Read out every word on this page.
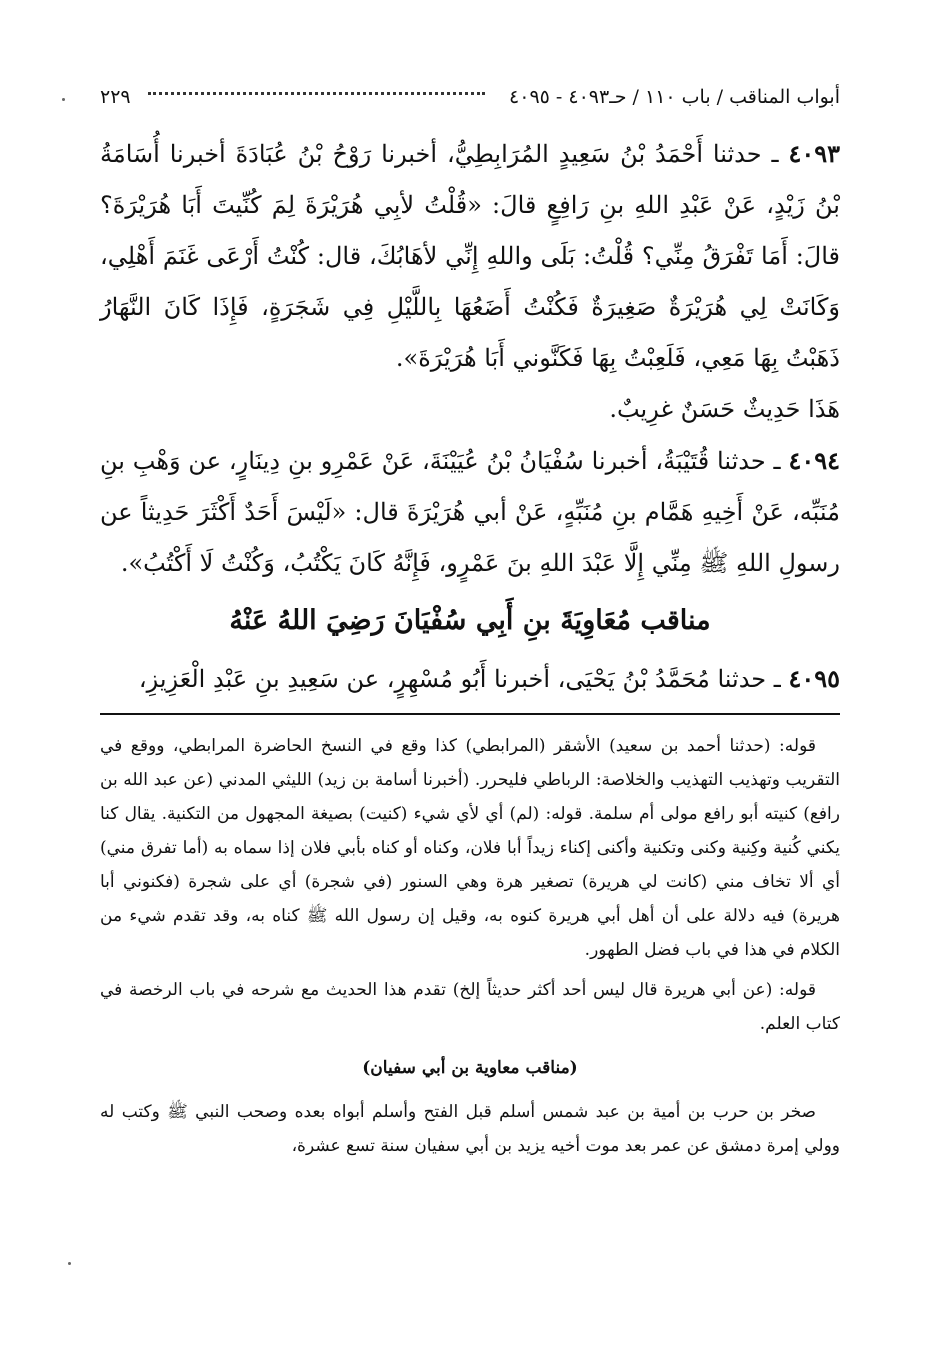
أبواب المناقب / باب ١١٠ / حـ٤٠٩٣ - ٤٠٩٥
٢٢٩

٤٠٩٣ ـ حدثنا أَحْمَدُ بْنُ سَعِيدٍ المُرَابِطِيُّ، أخبرنا رَوْحُ بْنُ عُبَادَةَ أخبرنا أُسَامَةُ بْنُ زَيْدٍ، عَنْ عَبْدِ اللهِ بنِ رَافِعٍ قالَ: «قُلْتُ لأبِي هُرَيْرَةَ لِمَ كُنِّيتَ أَبَا هُرَيْرَةَ؟ قالَ: أَمَا تَفْرَقُ مِنِّي؟ قُلْتُ: بَلَى واللهِ إِنِّي لأهَابُكَ، قال: كُنْتُ أَرْعَى غَنَمَ أَهْلِي، وَكَانَتْ لِي هُرَيْرَةٌ صَغِيرَةٌ فَكُنْتُ أَضَعُهَا بِاللَّيْلِ فِي شَجَرَةٍ، فَإِذَا كَانَ النَّهَارُ ذَهَبْتُ بِهَا مَعِي، فَلَعِبْتُ بِهَا فَكَنَّوني أَبَا هُرَيْرَةَ».

هَذَا حَدِيثٌ حَسَنٌ غرِيبٌ.

٤٠٩٤ ـ حدثنا قُتَيْبَةُ، أخبرنا سُفْيَانُ بْنُ عُيَيْنَةَ، عَنْ عَمْرِو بنِ دِينَارٍ، عن وَهْبِ بنِ مُنَبِّه، عَنْ أَخِيهِ هَمَّام بنِ مُنَبِّهٍ، عَنْ أبي هُرَيْرَةَ قال: «لَيْسَ أَحَدٌ أَكْثَرَ حَدِيثاً عن رسولِ اللهِ ﷺ مِنِّي إِلَّا عَبْدَ اللهِ بنَ عَمْرٍو، فَإِنَّهُ كَانَ يَكْتُبُ، وَكُنْتُ لَا أَكْتُبُ».

مناقب مُعَاوِيَةَ بنِ أَبِي سُفْيَانَ رَضِيَ اللهُ عَنْهُ

٤٠٩٥ ـ حدثنا مُحَمَّدُ بْنُ يَحْيَى، أخبرنا أَبُو مُسْهِرٍ، عن سَعِيدِ بنِ عَبْدِ الْعَزِيزِ،

قوله: (حدثنا أحمد بن سعيد) الأشقر (المرابطي) كذا وقع في النسخ الحاضرة المرابطي، ووقع في التقريب وتهذيب التهذيب والخلاصة: الرباطي فليحرر. (أخبرنا أسامة بن زيد) الليثي المدني (عن عبد الله بن رافع) كنيته أبو رافع مولى أم سلمة. قوله: (لم) أي لأي شيء (كنيت) بصيغة المجهول من التكنية. يقال كنا يكني كُنية وكِنية وكنى وتكنية وأكنى إكناء زيداً أبا فلان، وكناه أو كناه بأبي فلان إذا سماه به (أما تفرق مني) أي ألا تخاف مني (كانت لي هريرة) تصغير هرة وهي السنور (في شجرة) أي على شجرة (فكنوني أبا هريرة) فيه دلالة على أن أهل أبي هريرة كنوه به، وقيل إن رسول الله ﷺ كناه به، وقد تقدم شيء من الكلام في هذا في باب فضل الطهور.

قوله: (عن أبي هريرة قال ليس أحد أكثر حديثاً إلخ) تقدم هذا الحديث مع شرحه في باب الرخصة في كتاب العلم.

(مناقب معاوية بن أبي سفيان)

صخر بن حرب بن أمية بن عبد شمس أسلم قبل الفتح وأسلم أبواه بعده وصحب النبي ﷺ وكتب له وولي إمرة دمشق عن عمر بعد موت أخيه يزيد بن أبي سفيان سنة تسع عشرة،
